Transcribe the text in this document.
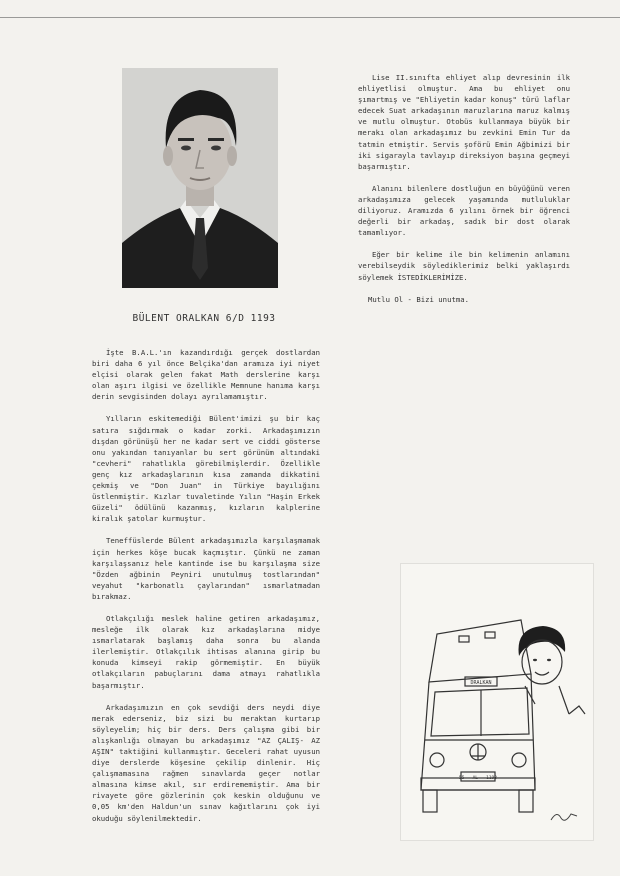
BÜLENT ORALKAN 6/D 1193

İşte B.A.L.'ın kazandırdığı gerçek dostlardan biri daha 6 yıl önce Belçika'dan aramıza iyi niyet elçisi olarak gelen fakat Math derslerine karşı olan aşırı ilgisi ve özellikle Memnune hanıma karşı derin sevgisinden dolayı ayrılamamıştır.

Yılların eskitemediği Bülent'imizi şu bir kaç satıra sığdırmak o kadar zorki. Arkadaşımızın dışdan görünüşü her ne kadar sert ve ciddi gösterse onu yakından tanıyanlar bu sert görünüm altındaki "cevheri" rahatlıkla görebilmişlerdir. Özellikle genç kız arkadaşlarının kısa zamanda dikkatini çekmiş ve "Don Juan" in Türkiye bayılığını üstlenmiştir. Kızlar tuvaletinde Yılın "Haşin Erkek Güzeli" ödülünü kazanmış, kızların kalplerine kiralık şatolar kurmuştur.

Teneffüslerde Bülent arkadaşımızla karşılaşmamak için herkes köşe bucak kaçmıştır. Çünkü ne zaman karşılaşsanız hele kantinde ise bu karşılaşma size "Özden ağbinin Peyniri unutulmuş tostlarından" veyahut "karbonatlı çaylarından" ısmarlatmadan bırakmaz.

Otlakçılığı meslek haline getiren arkadaşımız, mesleğe ilk olarak kız arkadaşlarına midye ısmarlatarak başlamış daha sonra bu alanda ilerlemiştir. Otlakçılık ihtisas alanına girip bu konuda kimseyi rakip görmemiştir. En büyük otlakçıların pabuçlarını dama atmayı rahatlıkla başarmıştır.

Arkadaşımızın en çok sevdiği ders neydi diye merak ederseniz, biz sizi bu meraktan kurtarıp söyleyelim; hiç bir ders. Ders çalışma gibi bir alışkanlığı olmayan bu arkadaşımız "AZ ÇALIŞ- AZ AŞIN" taktiğini kullanmıştır. Geceleri rahat uyusun diye derslerde köşesine çekilip dinlenir. Hiç çalışmamasına rağmen sınavlarda geçer notlar almasına kimse akıl, sır erdirememiştir. Ama bir rivayete göre gözlerinin çok keskin olduğunu ve 0,05 km'den Haldun'un sınav kağıtlarını çok iyi okuduğu söylenilmektedir.

Lise II.sınıfta ehliyet alıp devresinin ilk ehliyetlisi olmuştur. Ama bu ehliyet onu şımartmış ve "Ehliyetin kadar konuş" türü laflar edecek Suat arkadaşının maruzlarına maruz kalmış ve mutlu olmuştur. Otobüs kullanmaya büyük bir merakı olan arkadaşımız bu zevkini Emin Tur da tatmin etmiştir. Servis şoförü Emin Ağbimizi bir iki sigarayla tavlayıp direksiyon başına geçmeyi başarmıştır.

Alanını bilenlere dostluğun en büyüğünü veren arkadaşımıza gelecek yaşamında mutluluklar diliyoruz. Aramızda 6 yılını örnek bir öğrenci değerli bir arkadaş, sadık bir dost olarak tamamlıyor.

Eğer bir kelime ile bin kelimenin anlamını verebilseydik söylediklerimiz belki yaklaşırdı söylemek İSTEDİKLERİMİZE.

Mutlu Ol - Bizi unutma.

DRALKAN
55 - AL - 1193
